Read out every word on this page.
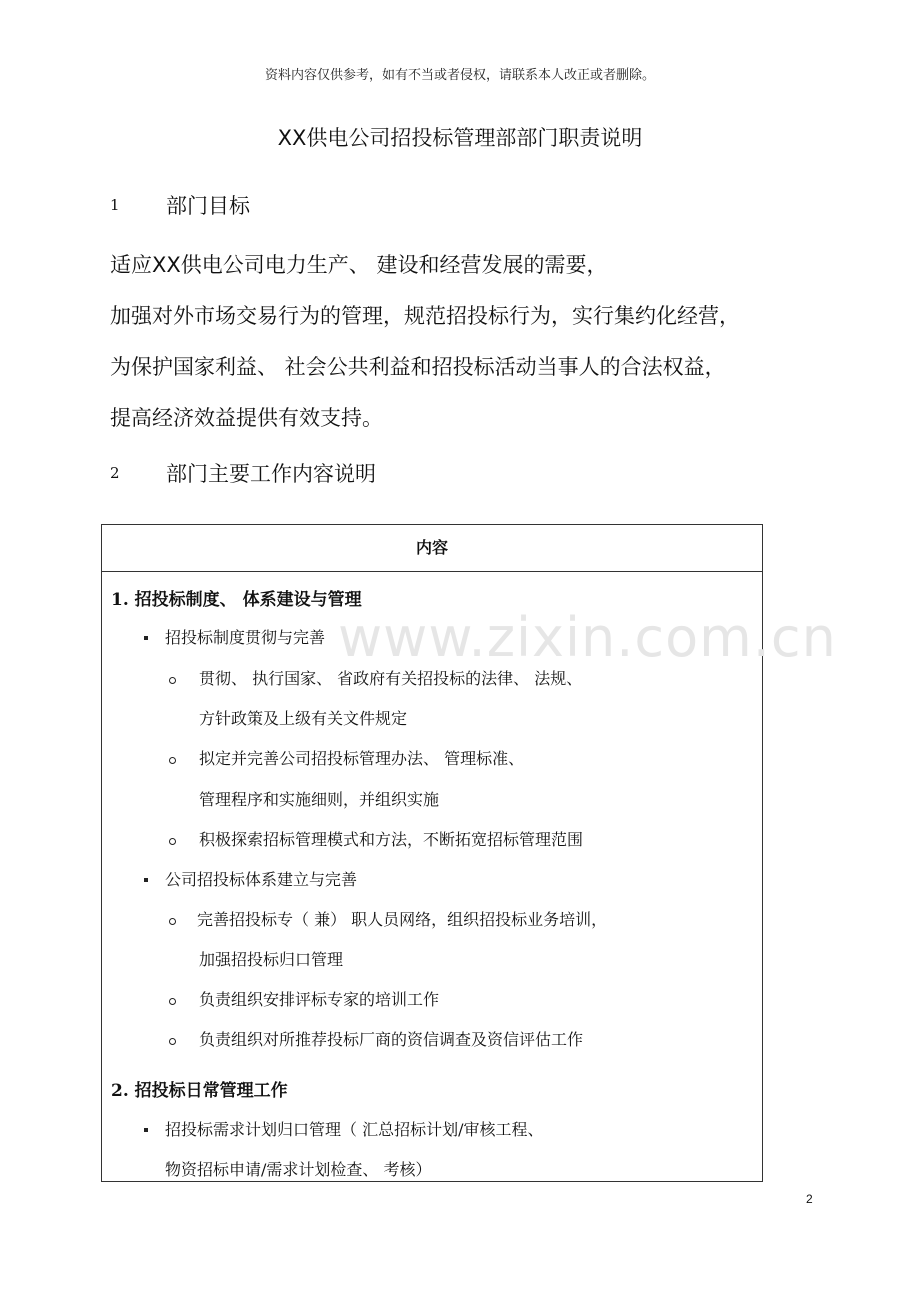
资料内容仅供参考，如有不当或者侵权，请联系本人改正或者删除。
XX供电公司招投标管理部部门职责说明
1 部门目标
适应XX供电公司电力生产、 建设和经营发展的需要，
加强对外市场交易行为的管理，规范招投标行为，实行集约化经营，
为保护国家利益、 社会公共利益和招投标活动当事人的合法权益，
提高经济效益提供有效支持。
2 部门主要工作内容说明
内容
1. 招投标制度、 体系建设与管理
招投标制度贯彻与完善
贯彻、 执行国家、 省政府有关招投标的法律、 法规、
方针政策及上级有关文件规定
拟定并完善公司招投标管理办法、 管理标准、
管理程序和实施细则，并组织实施
积极探索招标管理模式和方法，不断拓宽招标管理范围
公司招投标体系建立与完善
完善招投标专（ 兼） 职人员网络，组织招投标业务培训，
加强招投标归口管理
负责组织安排评标专家的培训工作
负责组织对所推荐投标厂商的资信调查及资信评估工作
2. 招投标日常管理工作
招投标需求计划归口管理（ 汇总招标计划/审核工程、
物资招标申请/需求计划检查、 考核）
www.zixin.com.cn
2
